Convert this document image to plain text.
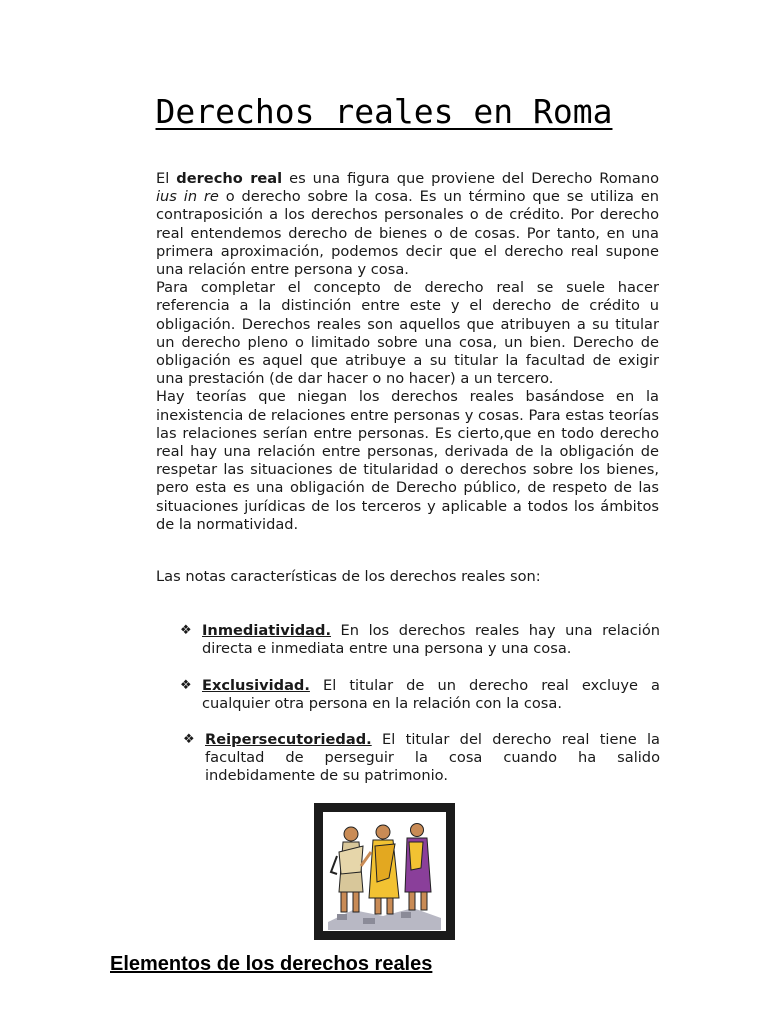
Derechos reales en Roma

El derecho real es una figura que proviene del Derecho Romano ius in re o derecho sobre la cosa. Es un término que se utiliza en contraposición a los derechos personales o de crédito. Por derecho real entendemos derecho de bienes o de cosas. Por tanto, en una primera aproximación, podemos decir que el derecho real supone una relación entre persona y cosa.

Para completar el concepto de derecho real se suele hacer referencia a la distinción entre este y el derecho de crédito u obligación. Derechos reales son aquellos que atribuyen a su titular un derecho pleno o limitado sobre una cosa, un bien. Derecho de obligación es aquel que atribuye a su titular la facultad de exigir una prestación (de dar hacer o no hacer) a un tercero.

Hay teorías que niegan los derechos reales basándose en la inexistencia de relaciones entre personas y cosas. Para estas teorías las relaciones serían entre personas. Es cierto,que en todo derecho real hay una relación entre personas, derivada de la obligación de respetar las situaciones de titularidad o derechos sobre los bienes, pero esta es una obligación de Derecho público, de respeto de las situaciones jurídicas de los terceros y aplicable a todos los ámbitos de la normatividad.

Las notas características de los derechos reales son:
❖ Inmediatividad. En los derechos reales hay una relación directa e inmediata entre una persona y una cosa.
❖ Exclusividad. El titular de un derecho real excluye a cualquier otra persona en la relación con la cosa.
❖ Reipersecutoriedad. El titular del derecho real tiene la facultad de perseguir la cosa cuando ha salido indebidamente de su patrimonio.
Elementos de los derechos reales
